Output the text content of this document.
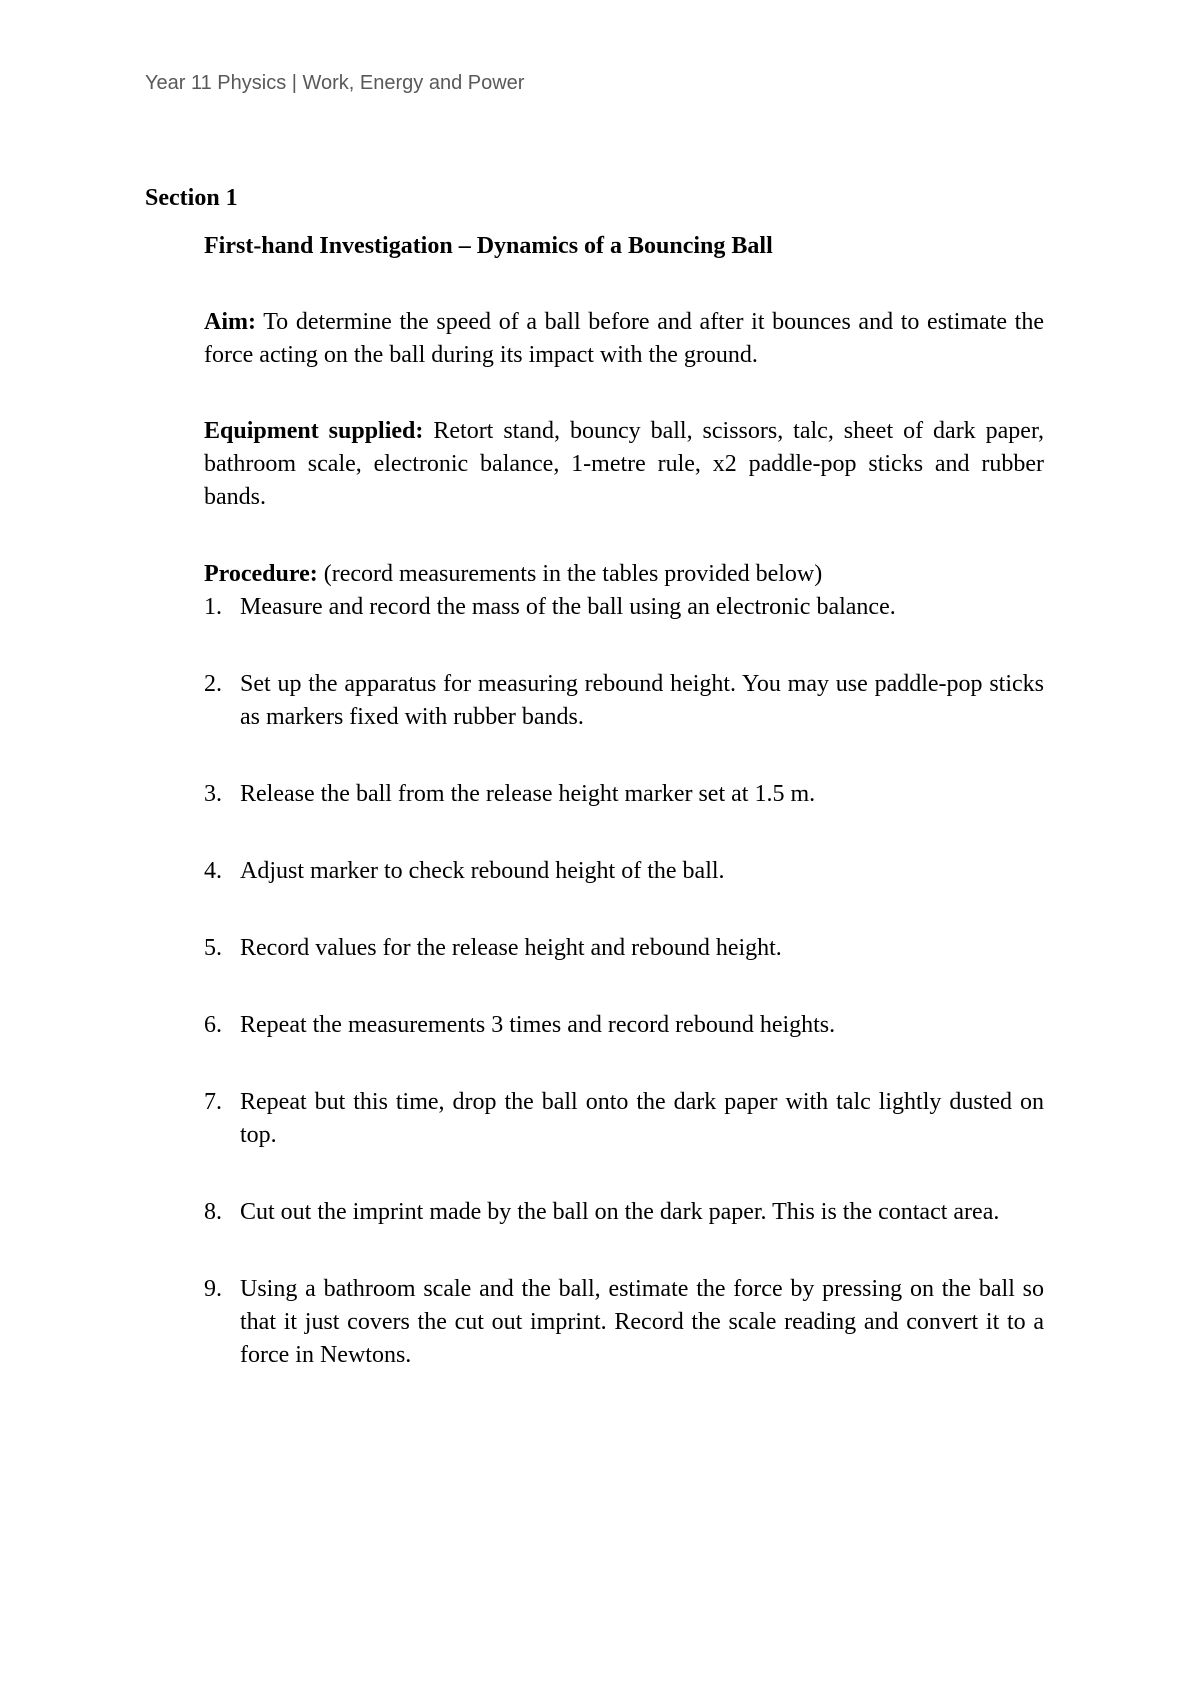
Year 11 Physics | Work, Energy and Power
Section 1

First-hand Investigation – Dynamics of a Bouncing Ball

Aim: To determine the speed of a ball before and after it bounces and to estimate the force acting on the ball during its impact with the ground.

Equipment supplied: Retort stand, bouncy ball, scissors, talc, sheet of dark paper, bathroom scale, electronic balance, 1-metre rule, x2 paddle-pop sticks and rubber bands.

Procedure: (record measurements in the tables provided below)

1. Measure and record the mass of the ball using an electronic balance.
2. Set up the apparatus for measuring rebound height. You may use paddle-pop sticks as markers fixed with rubber bands.
3. Release the ball from the release height marker set at 1.5 m.
4. Adjust marker to check rebound height of the ball.
5. Record values for the release height and rebound height.
6. Repeat the measurements 3 times and record rebound heights.
7. Repeat but this time, drop the ball onto the dark paper with talc lightly dusted on top.
8. Cut out the imprint made by the ball on the dark paper. This is the contact area.
9. Using a bathroom scale and the ball, estimate the force by pressing on the ball so that it just covers the cut out imprint. Record the scale reading and convert it to a force in Newtons.
